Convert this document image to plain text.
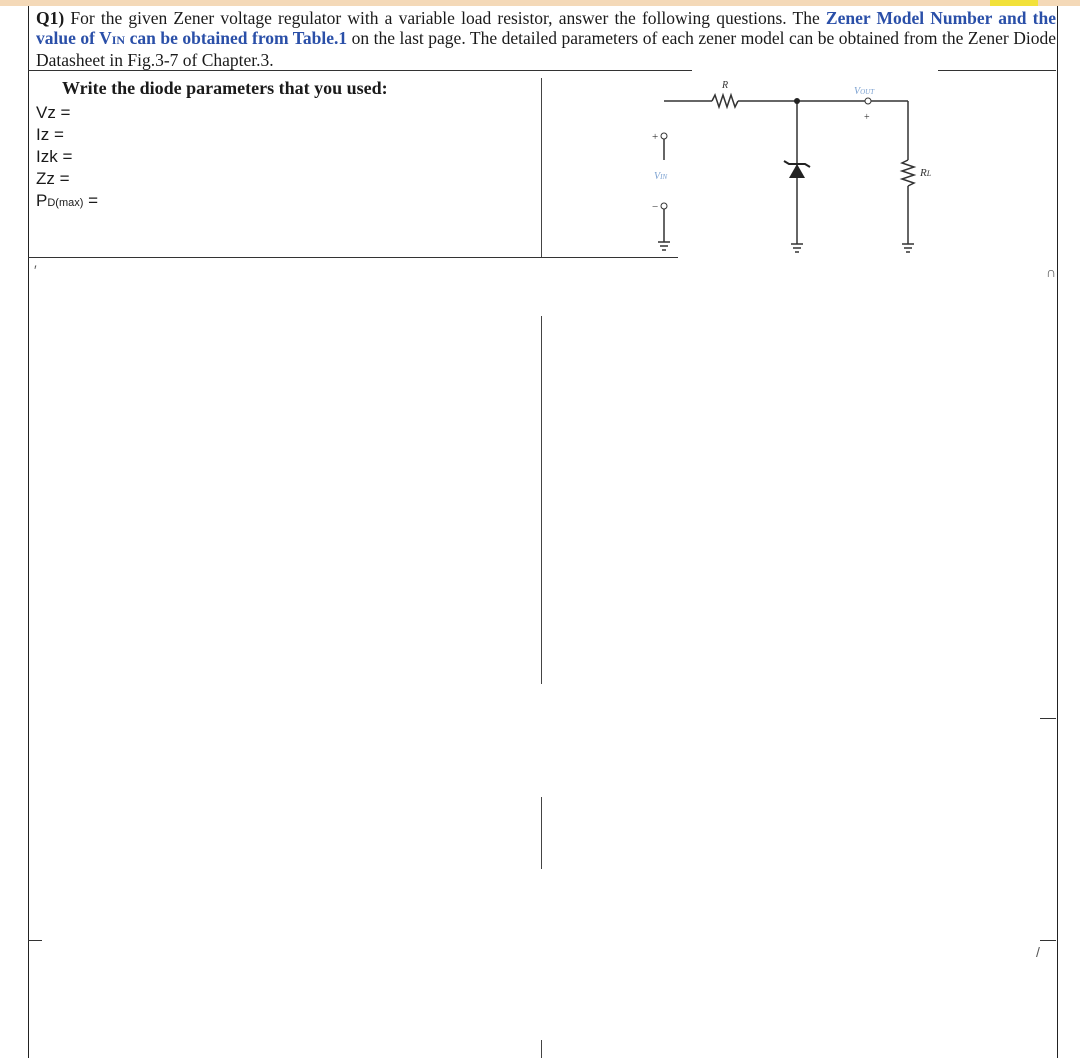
Q1) For the given Zener voltage regulator with a variable load resistor, answer the following questions. The Zener Model Number and the value of VIN can be obtained from Table.1 on the last page. The detailed parameters of each zener model can be obtained from the Zener Diode Datasheet in Fig.3-7 of Chapter.3.
Write the diode parameters that you used:
Vz =
Iz =
Izk =
Zz =
PD(max) =
R
VOUT
+
VIN
+
−
RL
′	∩
/
